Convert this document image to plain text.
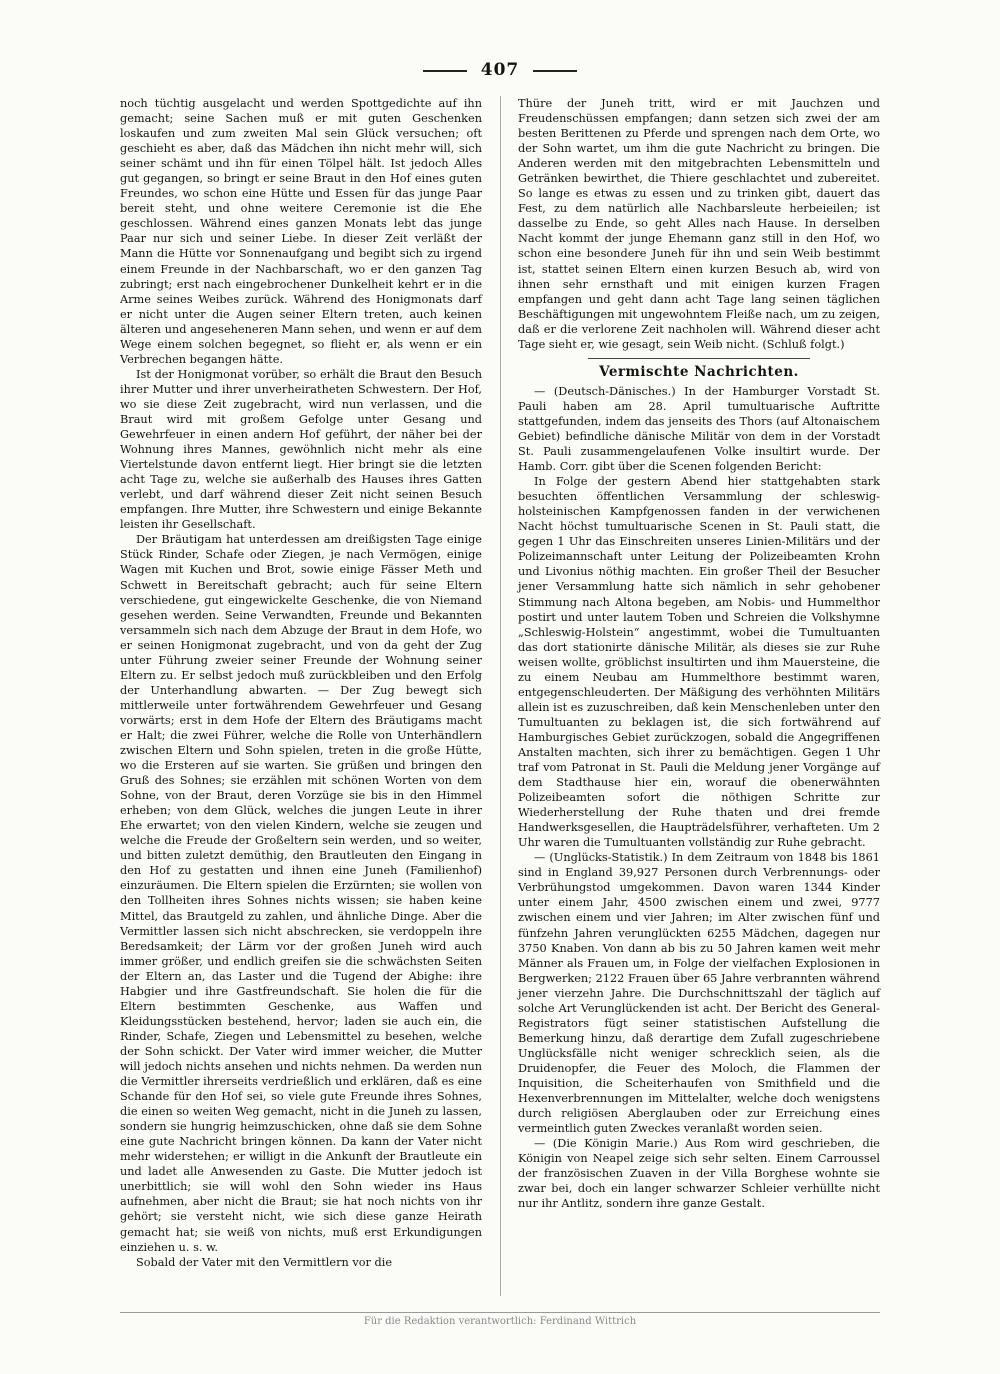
407

noch tüchtig ausgelacht und werden Spottgedichte auf ihn gemacht; seine Sachen muß er mit guten Geschenken loskaufen und zum zweiten Mal sein Glück versuchen; oft geschieht es aber, daß das Mädchen ihn nicht mehr will, sich seiner schämt und ihn für einen Tölpel hält. Ist jedoch Alles gut gegangen, so bringt er seine Braut in den Hof eines guten Freundes, wo schon eine Hütte und Essen für das junge Paar bereit steht, und ohne weitere Ceremonie ist die Ehe geschlossen. Während eines ganzen Monats lebt das junge Paar nur sich und seiner Liebe. In dieser Zeit verläßt der Mann die Hütte vor Sonnenaufgang und begibt sich zu irgend einem Freunde in der Nachbarschaft, wo er den ganzen Tag zubringt; erst nach eingebrochener Dunkelheit kehrt er in die Arme seines Weibes zurück. Während des Honigmonats darf er nicht unter die Augen seiner Eltern treten, auch keinen älteren und angeseheneren Mann sehen, und wenn er auf dem Wege einem solchen begegnet, so flieht er, als wenn er ein Verbrechen begangen hätte.

Ist der Honigmonat vorüber, so erhält die Braut den Besuch ihrer Mutter und ihrer unverheiratheten Schwestern. Der Hof, wo sie diese Zeit zugebracht, wird nun verlassen, und die Braut wird mit großem Gefolge unter Gesang und Gewehrfeuer in einen andern Hof geführt, der näher bei der Wohnung ihres Mannes, gewöhnlich nicht mehr als eine Viertelstunde davon entfernt liegt. Hier bringt sie die letzten acht Tage zu, welche sie außerhalb des Hauses ihres Gatten verlebt, und darf während dieser Zeit nicht seinen Besuch empfangen. Ihre Mutter, ihre Schwestern und einige Bekannte leisten ihr Gesellschaft.

Der Bräutigam hat unterdessen am dreißigsten Tage einige Stück Rinder, Schafe oder Ziegen, je nach Vermögen, einige Wagen mit Kuchen und Brot, sowie einige Fässer Meth und Schwett in Bereitschaft gebracht; auch für seine Eltern verschiedene, gut eingewickelte Geschenke, die von Niemand gesehen werden. Seine Verwandten, Freunde und Bekannten versammeln sich nach dem Abzuge der Braut in dem Hofe, wo er seinen Honigmonat zugebracht, und von da geht der Zug unter Führung zweier seiner Freunde der Wohnung seiner Eltern zu. Er selbst jedoch muß zurückbleiben und den Erfolg der Unterhandlung abwarten. — Der Zug bewegt sich mittlerweile unter fortwährendem Gewehrfeuer und Gesang vorwärts; erst in dem Hofe der Eltern des Bräutigams macht er Halt; die zwei Führer, welche die Rolle von Unterhändlern zwischen Eltern und Sohn spielen, treten in die große Hütte, wo die Ersteren auf sie warten. Sie grüßen und bringen den Gruß des Sohnes; sie erzählen mit schönen Worten von dem Sohne, von der Braut, deren Vorzüge sie bis in den Himmel erheben; von dem Glück, welches die jungen Leute in ihrer Ehe erwartet; von den vielen Kindern, welche sie zeugen und welche die Freude der Großeltern sein werden, und so weiter, und bitten zuletzt demüthig, den Brautleuten den Eingang in den Hof zu gestatten und ihnen eine Juneh (Familienhof) einzuräumen. Die Eltern spielen die Erzürnten; sie wollen von den Tollheiten ihres Sohnes nichts wissen; sie haben keine Mittel, das Brautgeld zu zahlen, und ähnliche Dinge. Aber die Vermittler lassen sich nicht abschrecken, sie verdoppeln ihre Beredsamkeit; der Lärm vor der großen Juneh wird auch immer größer, und endlich greifen sie die schwächsten Seiten der Eltern an, das Laster und die Tugend der Abighe: ihre Habgier und ihre Gastfreundschaft. Sie holen die für die Eltern bestimmten Geschenke, aus Waffen und Kleidungsstücken bestehend, hervor; laden sie auch ein, die Rinder, Schafe, Ziegen und Lebensmittel zu besehen, welche der Sohn schickt. Der Vater wird immer weicher, die Mutter will jedoch nichts ansehen und nichts nehmen. Da werden nun die Vermittler ihrerseits verdrießlich und erklären, daß es eine Schande für den Hof sei, so viele gute Freunde ihres Sohnes, die einen so weiten Weg gemacht, nicht in die Juneh zu lassen, sondern sie hungrig heimzuschicken, ohne daß sie dem Sohne eine gute Nachricht bringen können. Da kann der Vater nicht mehr widerstehen; er willigt in die Ankunft der Brautleute ein und ladet alle Anwesenden zu Gaste. Die Mutter jedoch ist unerbittlich; sie will wohl den Sohn wieder ins Haus aufnehmen, aber nicht die Braut; sie hat noch nichts von ihr gehört; sie versteht nicht, wie sich diese ganze Heirath gemacht hat; sie weiß von nichts, muß erst Erkundigungen einziehen u. s. w.

Sobald der Vater mit den Vermittlern vor die

Thüre der Juneh tritt, wird er mit Jauchzen und Freudenschüssen empfangen; dann setzen sich zwei der am besten Berittenen zu Pferde und sprengen nach dem Orte, wo der Sohn wartet, um ihm die gute Nachricht zu bringen. Die Anderen werden mit den mitgebrachten Lebensmitteln und Getränken bewirthet, die Thiere geschlachtet und zubereitet. So lange es etwas zu essen und zu trinken gibt, dauert das Fest, zu dem natürlich alle Nachbarsleute herbeieilen; ist dasselbe zu Ende, so geht Alles nach Hause. In derselben Nacht kommt der junge Ehemann ganz still in den Hof, wo schon eine besondere Juneh für ihn und sein Weib bestimmt ist, stattet seinen Eltern einen kurzen Besuch ab, wird von ihnen sehr ernsthaft und mit einigen kurzen Fragen empfangen und geht dann acht Tage lang seinen täglichen Beschäftigungen mit ungewohntem Fleiße nach, um zu zeigen, daß er die verlorene Zeit nachholen will. Während dieser acht Tage sieht er, wie gesagt, sein Weib nicht. (Schluß folgt.)

Vermischte Nachrichten.

— (Deutsch-Dänisches.) In der Hamburger Vorstadt St. Pauli haben am 28. April tumultuarische Auftritte stattgefunden, indem das jenseits des Thors (auf Altonaischem Gebiet) befindliche dänische Militär von dem in der Vorstadt St. Pauli zusammengelaufenen Volke insultirt wurde. Der Hamb. Corr. gibt über die Scenen folgenden Bericht:

In Folge der gestern Abend hier stattgehabten stark besuchten öffentlichen Versammlung der schleswig-holsteinischen Kampfgenossen fanden in der verwichenen Nacht höchst tumultuarische Scenen in St. Pauli statt, die gegen 1 Uhr das Einschreiten unseres Linien-Militärs und der Polizeimannschaft unter Leitung der Polizeibeamten Krohn und Livonius nöthig machten. Ein großer Theil der Besucher jener Versammlung hatte sich nämlich in sehr gehobener Stimmung nach Altona begeben, am Nobis- und Hummelthor postirt und unter lautem Toben und Schreien die Volkshymne „Schleswig-Holstein“ angestimmt, wobei die Tumultuanten das dort stationirte dänische Militär, als dieses sie zur Ruhe weisen wollte, gröblichst insultirten und ihm Mauersteine, die zu einem Neubau am Hummelthore bestimmt waren, entgegenschleuderten. Der Mäßigung des verhöhnten Militärs allein ist es zuzuschreiben, daß kein Menschenleben unter den Tumultuanten zu beklagen ist, die sich fortwährend auf Hamburgisches Gebiet zurückzogen, sobald die Angegriffenen Anstalten machten, sich ihrer zu bemächtigen. Gegen 1 Uhr traf vom Patronat in St. Pauli die Meldung jener Vorgänge auf dem Stadthause hier ein, worauf die obenerwähnten Polizeibeamten sofort die nöthigen Schritte zur Wiederherstellung der Ruhe thaten und drei fremde Handwerksgesellen, die Haupträdelsführer, verhafteten. Um 2 Uhr waren die Tumultuanten vollständig zur Ruhe gebracht.

— (Unglücks-Statistik.) In dem Zeitraum von 1848 bis 1861 sind in England 39,927 Personen durch Verbrennungs- oder Verbrühungstod umgekommen. Davon waren 1344 Kinder unter einem Jahr, 4500 zwischen einem und zwei, 9777 zwischen einem und vier Jahren; im Alter zwischen fünf und fünfzehn Jahren verunglückten 6255 Mädchen, dagegen nur 3750 Knaben. Von dann ab bis zu 50 Jahren kamen weit mehr Männer als Frauen um, in Folge der vielfachen Explosionen in Bergwerken; 2122 Frauen über 65 Jahre verbrannten während jener vierzehn Jahre. Die Durchschnittszahl der täglich auf solche Art Verunglückenden ist acht. Der Bericht des General-Registrators fügt seiner statistischen Aufstellung die Bemerkung hinzu, daß derartige dem Zufall zugeschriebene Unglücksfälle nicht weniger schrecklich seien, als die Druidenopfer, die Feuer des Moloch, die Flammen der Inquisition, die Scheiterhaufen von Smithfield und die Hexenverbrennungen im Mittelalter, welche doch wenigstens durch religiösen Aberglauben oder zur Erreichung eines vermeintlich guten Zweckes veranlaßt worden seien.

— (Die Königin Marie.) Aus Rom wird geschrieben, die Königin von Neapel zeige sich sehr selten. Einem Carroussel der französischen Zuaven in der Villa Borghese wohnte sie zwar bei, doch ein langer schwarzer Schleier verhüllte nicht nur ihr Antlitz, sondern ihre ganze Gestalt.

Für die Redaktion verantwortlich: Ferdinand Wittrich
